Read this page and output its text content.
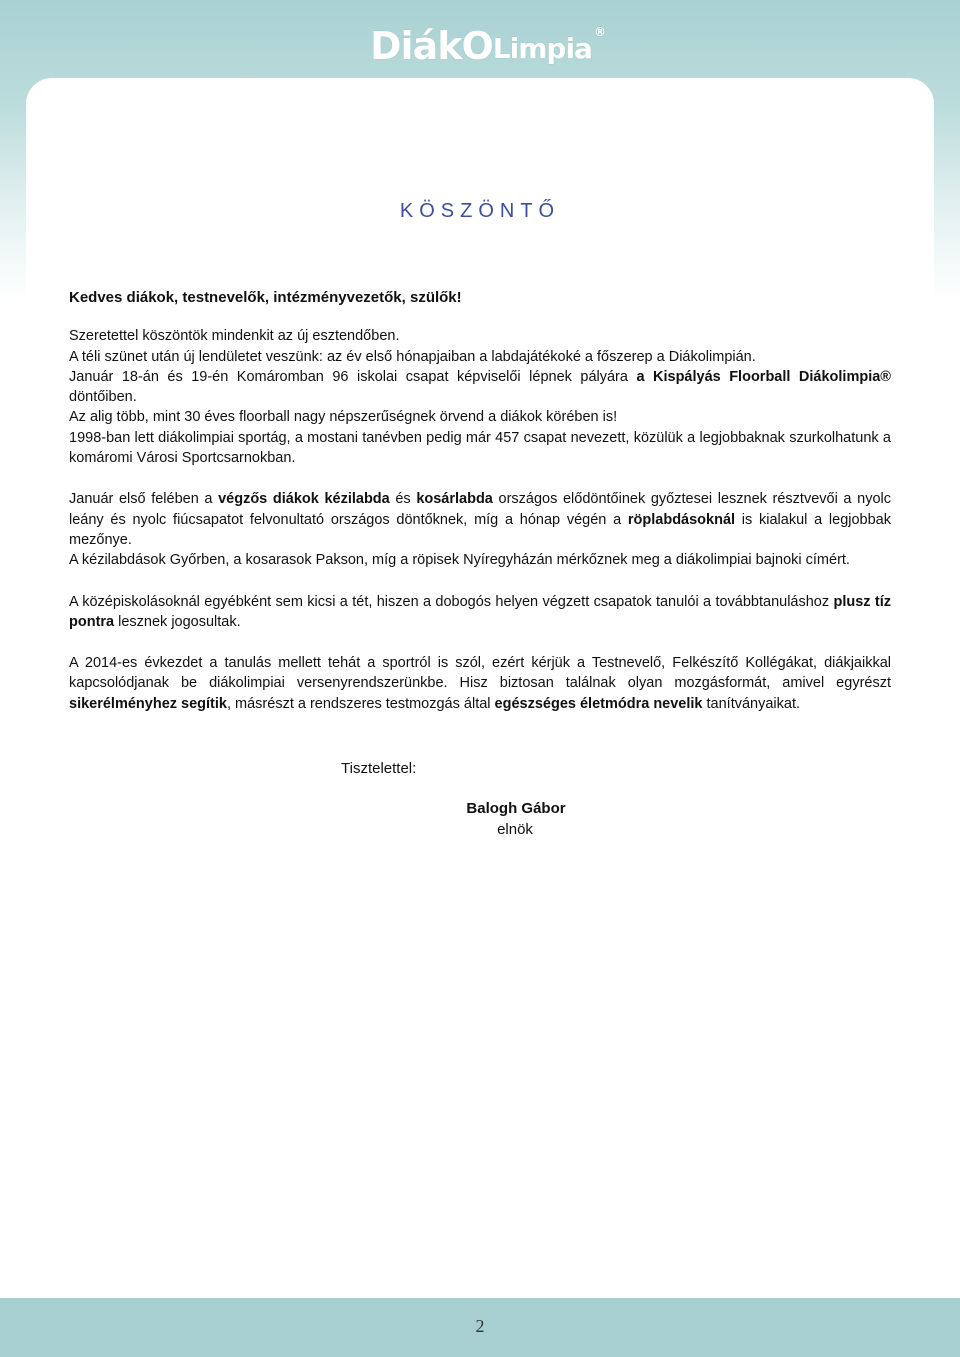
DiákO Limpia ®
KÖSZÖNTŐ

Kedves diákok, testnevelők, intézményvezetők, szülők!

Szeretettel köszöntök mindenkit az új esztendőben.
A téli szünet után új lendületet veszünk: az év első hónapjaiban a labdajátékoké a főszerep a Diákolimpián.
Január 18-án és 19-én Komáromban 96 iskolai csapat képviselői lépnek pályára a Kispályás Floorball Diákolimpia® döntőiben.
Az alig több, mint 30 éves floorball nagy népszerűségnek örvend a diákok körében is!
1998-ban lett diákolimpiai sportág, a mostani tanévben pedig már 457 csapat nevezett, közülük a legjobbaknak szurkolhatunk a komáromi Városi Sportcsarnokban.

Január első felében a végzős diákok kézilabda és kosárlabda országos elődöntőinek győztesei lesznek résztvevői a nyolc leány és nyolc fiúcsapatot felvonultató országos döntőknek, míg a hónap végén a röplabdásoknál is kialakul a legjobbak mezőnye.
A kézilabdások Győrben, a kosarasok Pakson, míg a röpisek Nyíregyházán mérkőznek meg a diákolimpiai bajnoki címért.

A középiskolásoknál egyébként sem kicsi a tét, hiszen a dobogós helyen végzett csapatok tanulói a továbbtanuláshoz plusz tíz pontra lesznek jogosultak.

A 2014-es évkezdet a tanulás mellett tehát a sportról is szól, ezért kérjük a Testnevelő, Felkészítő Kollégákat, diákjaikkal kapcsolódjanak be diákolimpiai versenyrendszerünkbe. Hisz biztosan találnak olyan mozgásformát, amivel egyrészt sikerélményhez segítik, másrészt a rendszeres testmozgás által egészséges életmódra nevelik tanítványaikat.

Tisztelettel:
Balogh Gábor
elnök
2
